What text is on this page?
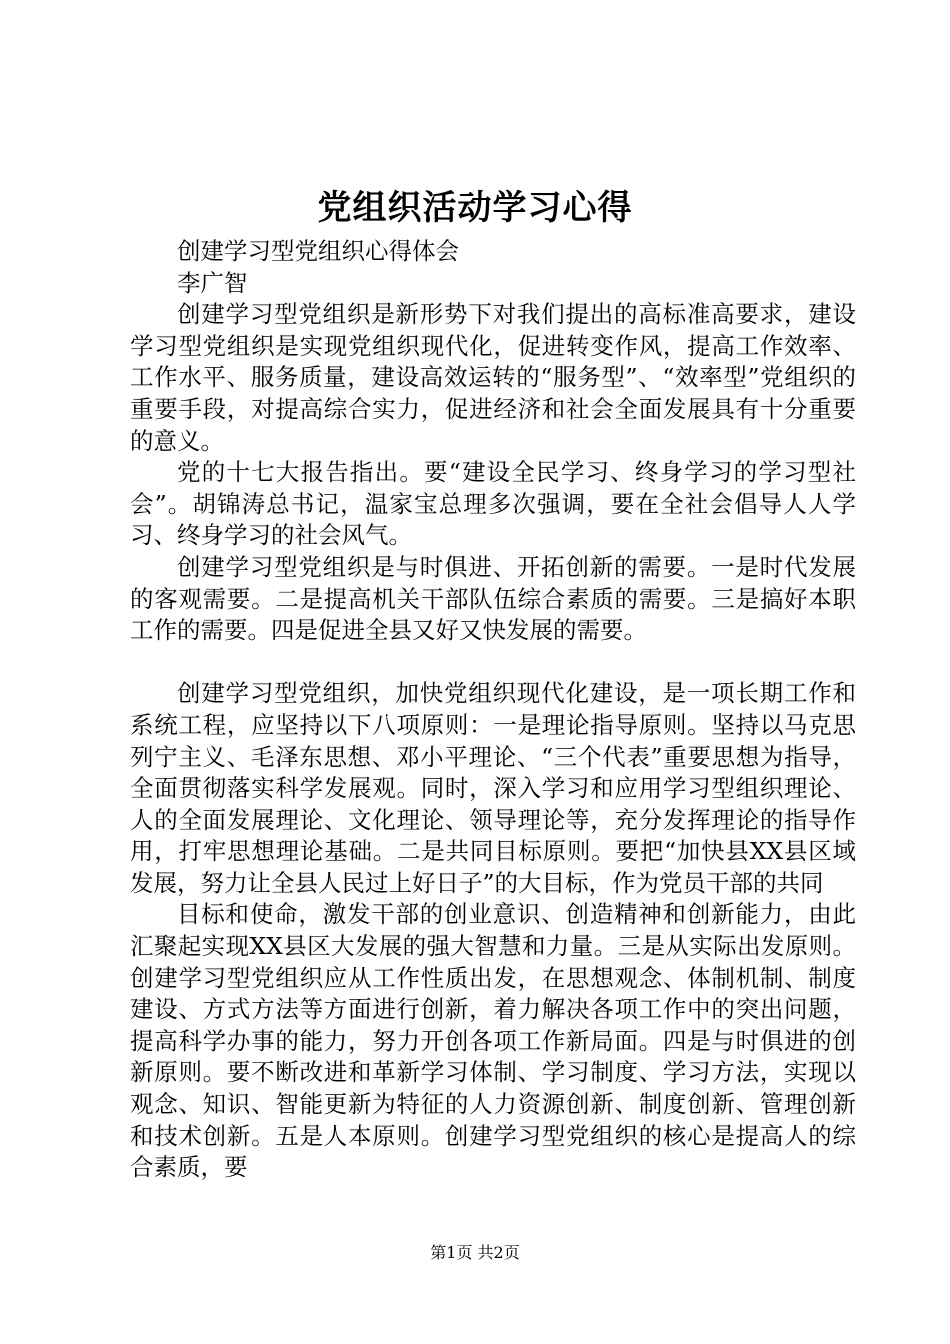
党组织活动学习心得

创建学习型党组织心得体会

李广智

创建学习型党组织是新形势下对我们提出的高标准高要求，建设学习型党组织是实现党组织现代化，促进转变作风，提高工作效率、工作水平、服务质量，建设高效运转的“服务型”、“效率型”党组织的重要手段，对提高综合实力，促进经济和社会全面发展具有十分重要的意义。

党的十七大报告指出。要“建设全民学习、终身学习的学习型社会”。胡锦涛总书记，温家宝总理多次强调，要在全社会倡导人人学习、终身学习的社会风气。

创建学习型党组织是与时俱进、开拓创新的需要。一是时代发展的客观需要。二是提高机关干部队伍综合素质的需要。三是搞好本职工作的需要。四是促进全县又好又快发展的需要。

创建学习型党组织，加快党组织现代化建设，是一项长期工作和系统工程，应坚持以下八项原则：一是理论指导原则。坚持以马克思列宁主义、毛泽东思想、邓小平理论、“三个代表”重要思想为指导，全面贯彻落实科学发展观。同时，深入学习和应用学习型组织理论、人的全面发展理论、文化理论、领导理论等，充分发挥理论的指导作用，打牢思想理论基础。二是共同目标原则。要把“加快县XX县区域发展，努力让全县人民过上好日子”的大目标，作为党员干部的共同

目标和使命，激发干部的创业意识、创造精神和创新能力，由此汇聚起实现XX县区大发展的强大智慧和力量。三是从实际出发原则。创建学习型党组织应从工作性质出发，在思想观念、体制机制、制度建设、方式方法等方面进行创新，着力解决各项工作中的突出问题，提高科学办事的能力，努力开创各项工作新局面。四是与时俱进的创新原则。要不断改进和革新学习体制、学习制度、学习方法，实现以观念、知识、智能更新为特征的人力资源创新、制度创新、管理创新和技术创新。五是人本原则。创建学习型党组织的核心是提高人的综合素质，要

第1页 共2页
